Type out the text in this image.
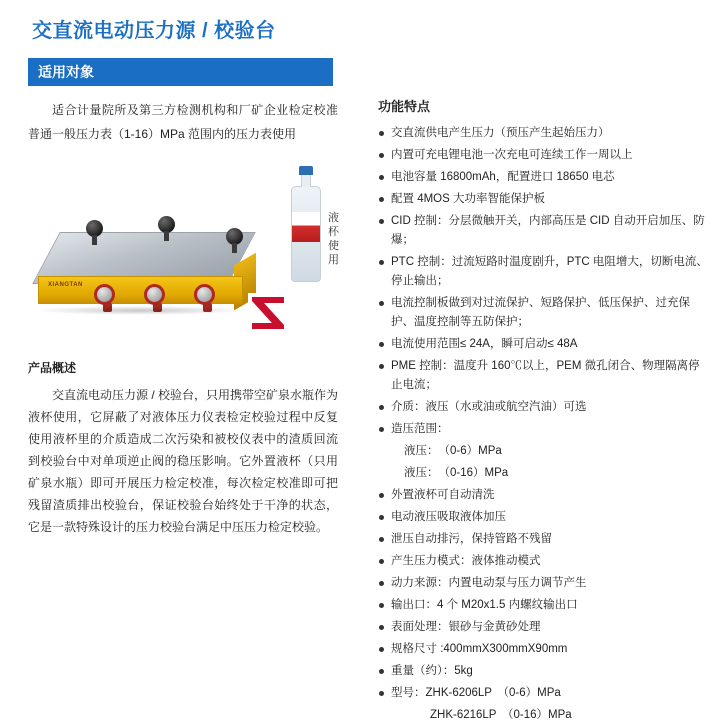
交直流电动压力源 / 校验台
适用对象
适合计量院所及第三方检测机构和厂矿企业检定校准普通一般压力表（1-16）MPa 范围内的压力表使用
XIANGTAN
液杯使用
产品概述
交直流电动压力源 / 校验台，只用携带空矿泉水瓶作为液杯使用，它屏蔽了对液体压力仪表检定校验过程中反复使用液杯里的介质造成二次污染和被校仪表中的渣质回流到校验台中对单项逆止阀的稳压影响。它外置液杯（只用矿泉水瓶）即可开展压力检定校准，每次检定校准即可把残留渣质排出校验台，保证校验台始终处于干净的状态，它是一款特殊设计的压力校验台满足中压压力检定校验。
功能特点
交直流供电产生压力（预压产生起始压力）
内置可充电锂电池一次充电可连续工作一周以上
电池容量 16800mAh，配置进口 18650 电芯
配置 4MOS 大功率智能保护板
CID 控制：分层微触开关，内部高压是 CID 自动开启加压、防爆；
PTC 控制：过流短路时温度剧升，PTC 电阻增大，切断电流、停止输出；
电流控制板做到对过流保护、短路保护、低压保护、过充保护、温度控制等五防保护；
电流使用范围≤ 24A，瞬可启动≤ 48A
PME 控制：温度升 160℃以上，PEM 微孔闭合、物理隔离停止电流；
介质：液压（水或油或航空汽油）可选
造压范围：
液压：　（0-6）MPa
液压：　（0-16）MPa
外置液杯可自动清洗
电动液压吸取液体加压
泄压自动排污，保持管路不残留
产生压力模式：液体推动模式
动力来源：内置电动泵与压力调节产生
输出口：4 个 M20x1.5 内螺纹输出口
表面处理：银砂与金黄砂处理
规格尺寸 :400mmX300mmX90mm
重量（约）：5kg
型号：ZHK-6206LP　（0-6）MPa
ZHK-6216LP　（0-16）MPa
